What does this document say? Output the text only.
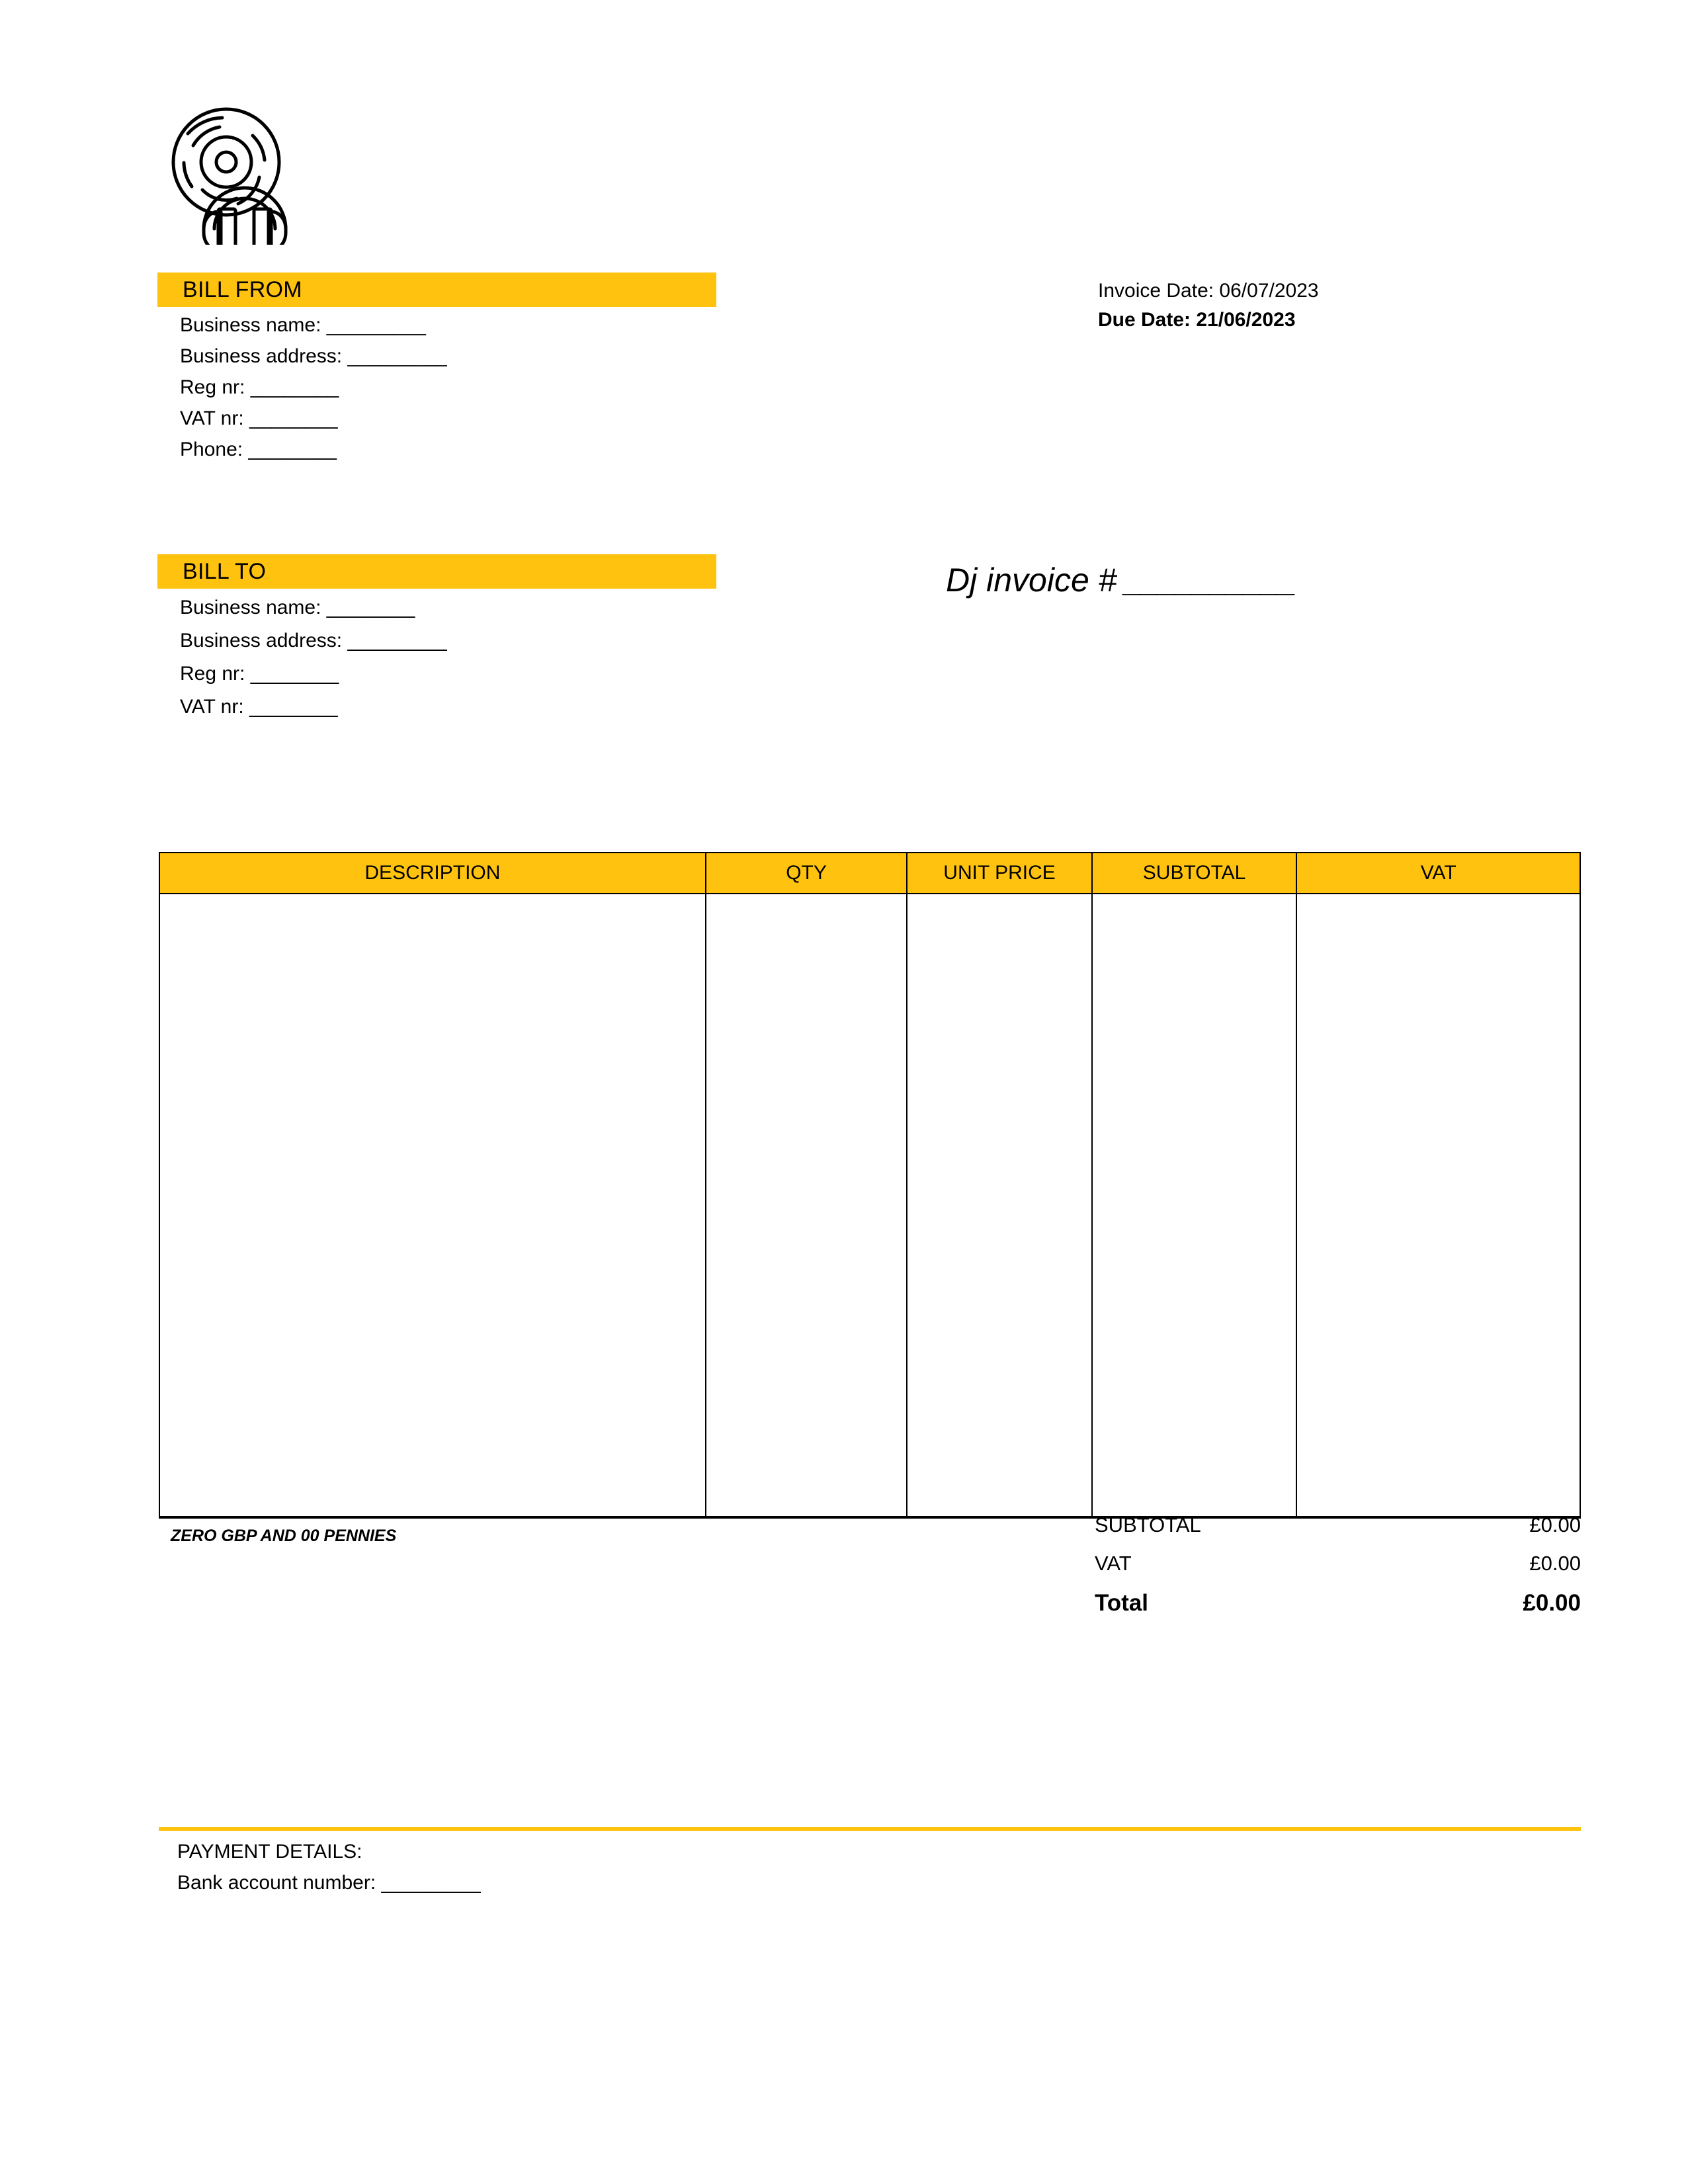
BILL FROM
Business name: _________
Business address: _________
Reg nr: ________
VAT nr: ________
Phone: ________
Invoice Date: 06/07/2023
Due Date: 21/06/2023
BILL TO
Business name: ________
Business address: _________
Reg nr: ________
VAT nr: ________
Dj invoice # __________
DESCRIPTION	QTY	UNIT PRICE	SUBTOTAL	VAT

ZERO GBP AND 00 PENNIES	SUBTOTAL	£0.00
VAT	£0.00
Total	£0.00
PAYMENT DETAILS:
Bank account number: _________
